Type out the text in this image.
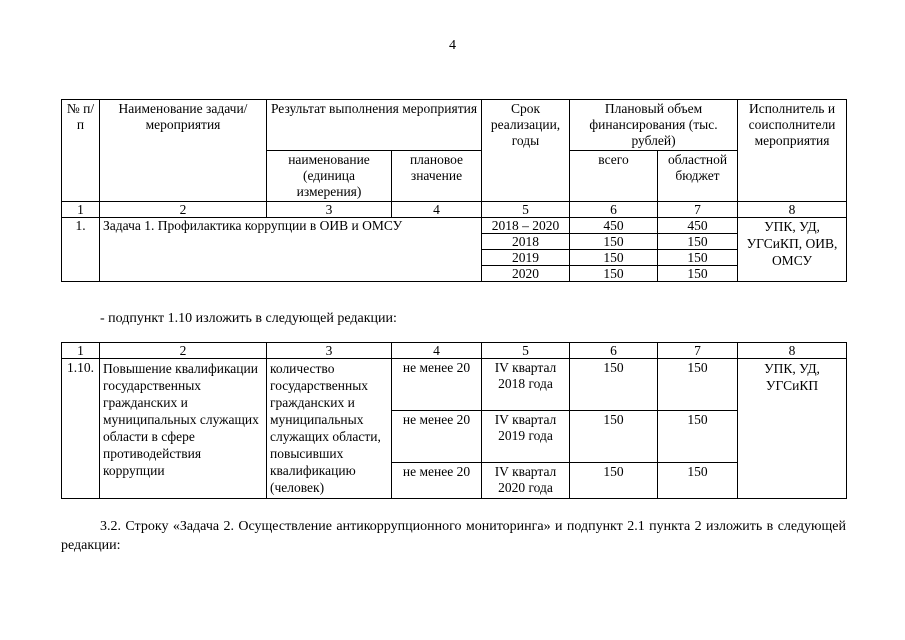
4
№ п/п	Наименование задачи/мероприятия	Результат выполнения мероприятия		Срок реализации, годы	Плановый объем финансирования (тыс. рублей)		Исполнитель и соисполнители мероприятия
		наименование (единица измерения)	плановое значение		всего	областной бюджет	
1	2	3	4	5	6	7	8
1.	Задача 1. Профилактика коррупции в ОИВ и ОМСУ			2018 – 2020	450	450	УПК, УД, УГСиКП, ОИВ, ОМСУ
				2018	150	150	
				2019	150	150	
				2020	150	150	

- подпункт 1.10 изложить в следующей редакции:

1	2	3	4	5	6	7	8
1.10.	Повышение квалификации государственных гражданских и муниципальных служащих области в сфере противодействия коррупции	количество государственных гражданских и муниципальных служащих области, повысивших квалификацию (человек)	не менее 20	IV квартал 2018 года	150	150	УПК, УД, УГСиКП
			не менее 20	IV квартал 2019 года	150	150	
			не менее 20	IV квартал 2020 года	150	150	

3.2. Строку «Задача 2. Осуществление антикоррупционного мониторинга» и подпункт 2.1 пункта 2 изложить в следующей редакции:
